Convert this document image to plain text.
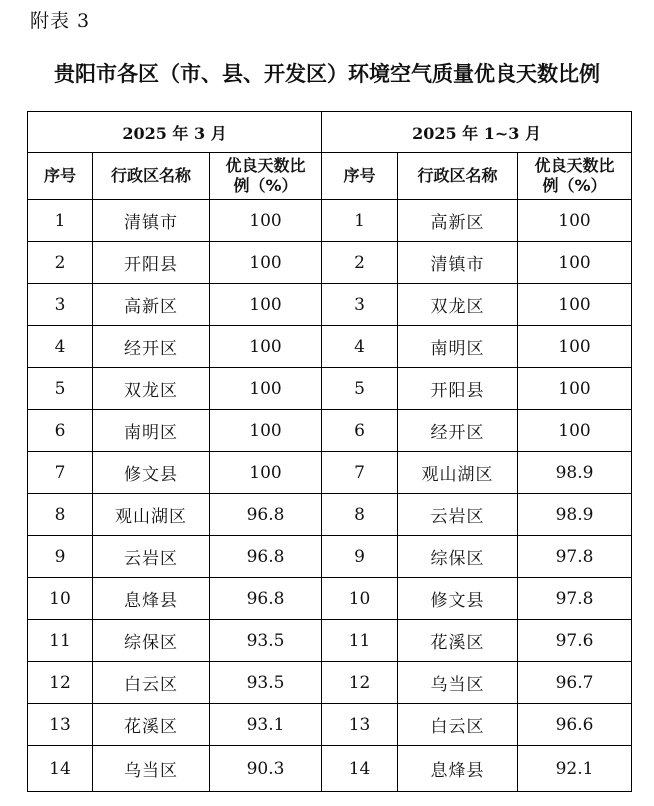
附表 3
贵阳市各区（市、县、开发区）环境空气质量优良天数比例
2025 年 3 月			2025 年 1~3 月		
序号	行政区名称	优良天数比例（%）	序号	行政区名称	优良天数比例（%）
1	清镇市	100	1	高新区	100
2	开阳县	100	2	清镇市	100
3	高新区	100	3	双龙区	100
4	经开区	100	4	南明区	100
5	双龙区	100	5	开阳县	100
6	南明区	100	6	经开区	100
7	修文县	100	7	观山湖区	98.9
8	观山湖区	96.8	8	云岩区	98.9
9	云岩区	96.8	9	综保区	97.8
10	息烽县	96.8	10	修文县	97.8
11	综保区	93.5	11	花溪区	97.6
12	白云区	93.5	12	乌当区	96.7
13	花溪区	93.1	13	白云区	96.6
14	乌当区	90.3	14	息烽县	92.1
